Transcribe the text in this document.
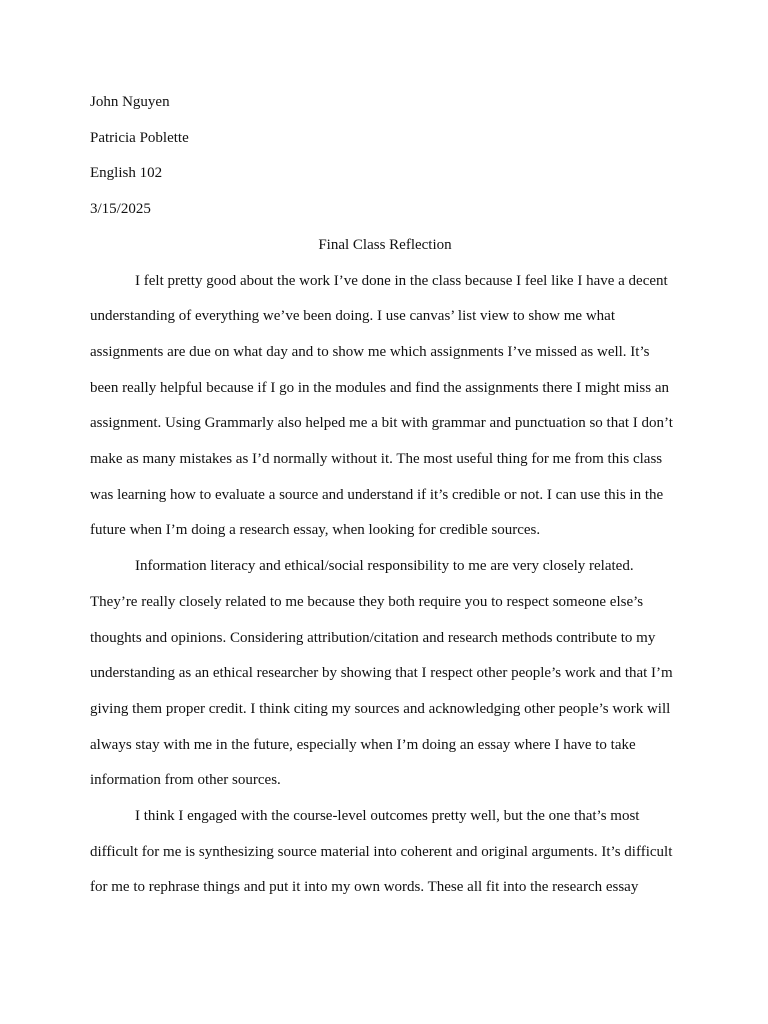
John Nguyen

Patricia Poblette

English 102

3/15/2025

Final Class Reflection

I felt pretty good about the work I’ve done in the class because I feel like I have a decent

understanding of everything we’ve been doing. I use canvas’ list view to show me what

assignments are due on what day and to show me which assignments I’ve missed as well. It’s

been really helpful because if I go in the modules and find the assignments there I might miss an

assignment. Using Grammarly also helped me a bit with grammar and punctuation so that I don’t

make as many mistakes as I’d normally without it. The most useful thing for me from this class

was learning how to evaluate a source and understand if it’s credible or not. I can use this in the

future when I’m doing a research essay, when looking for credible sources.

Information literacy and ethical/social responsibility to me are very closely related.

They’re really closely related to me because they both require you to respect someone else’s

thoughts and opinions. Considering attribution/citation and research methods contribute to my

understanding as an ethical researcher by showing that I respect other people’s work and that I’m

giving them proper credit. I think citing my sources and acknowledging other people’s work will

always stay with me in the future, especially when I’m doing an essay where I have to take

information from other sources.

I think I engaged with the course-level outcomes pretty well, but the one that’s most

difficult for me is synthesizing source material into coherent and original arguments. It’s difficult

for me to rephrase things and put it into my own words. These all fit into the research essay
